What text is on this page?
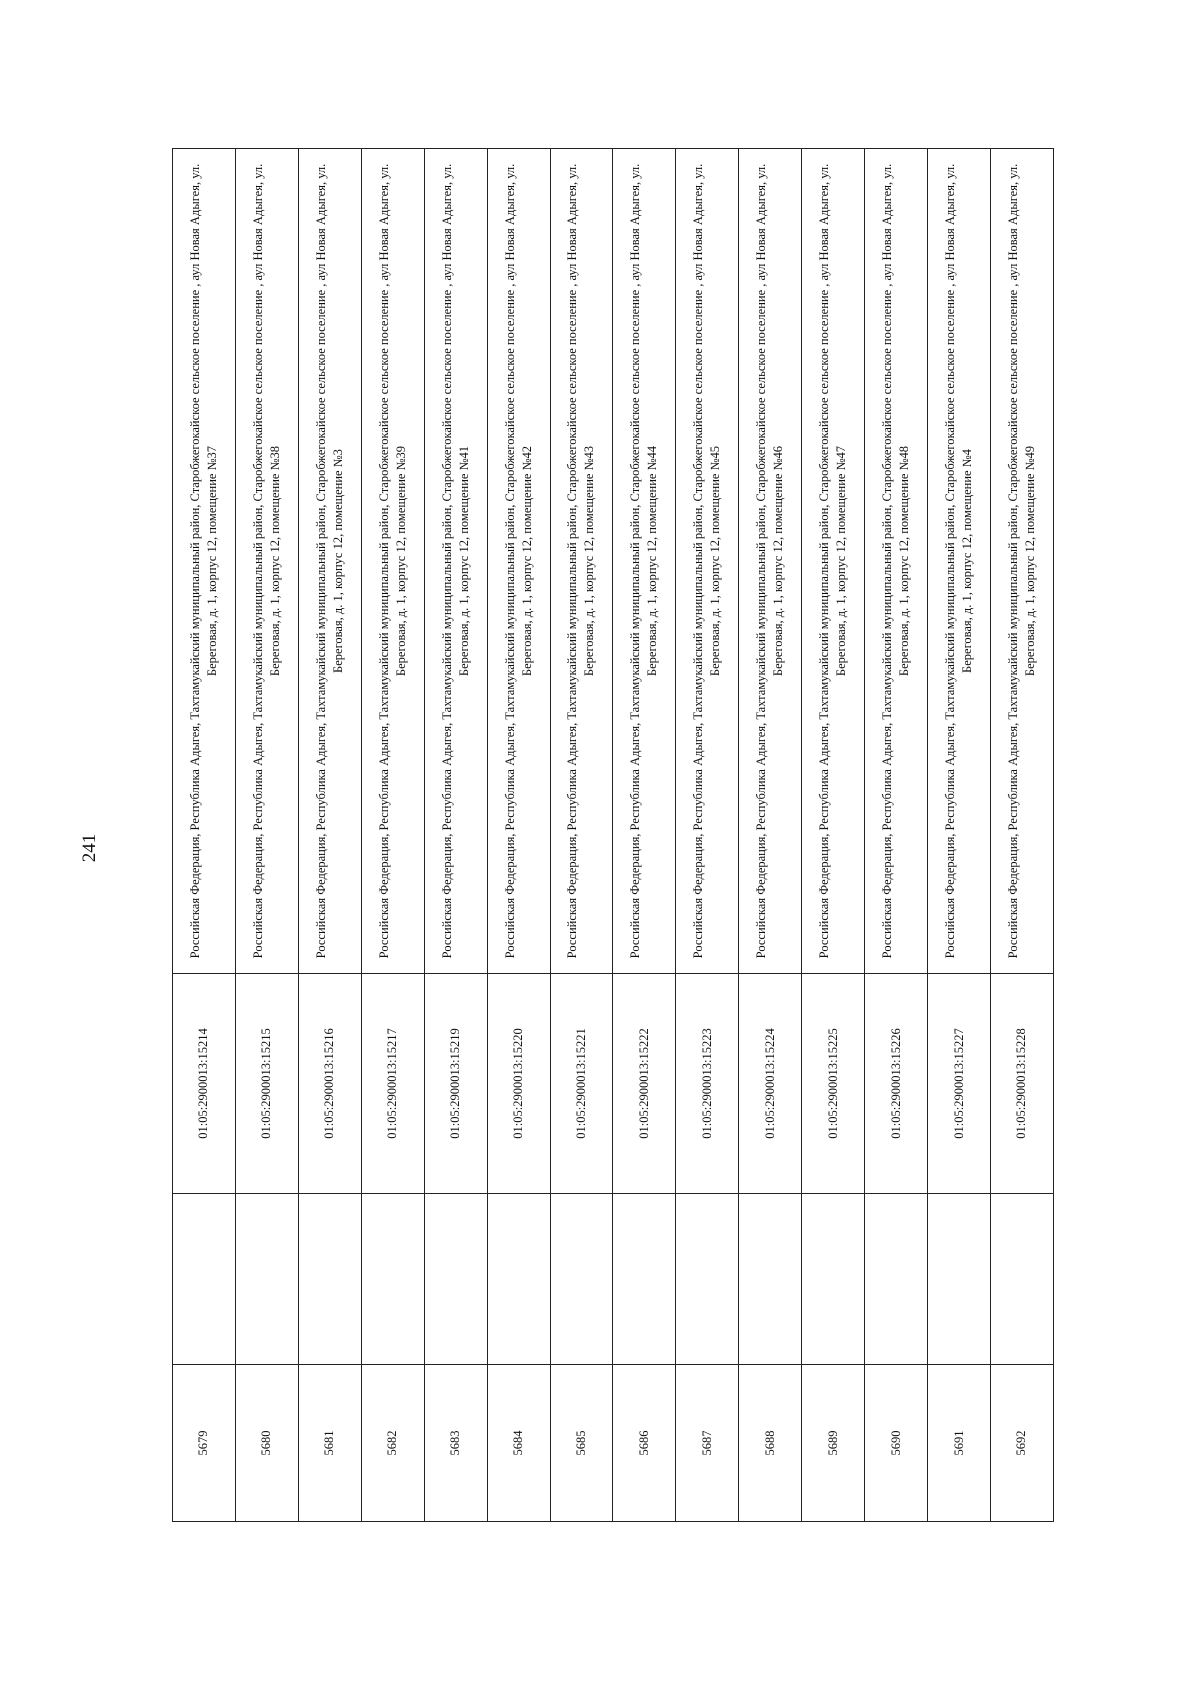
241
5679		01:05:2900013:15214	Российская Федерация, Республика Адыгея, Тахтамукайский муниципальный район, Старобжегокайское сельское поселение , аул Новая Адыгея, ул. Береговая, д. 1, корпус 12, помещение №37
5680		01:05:2900013:15215	Российская Федерация, Республика Адыгея, Тахтамукайский муниципальный район, Старобжегокайское сельское поселение , аул Новая Адыгея, ул. Береговая, д. 1, корпус 12, помещение №38
5681		01:05:2900013:15216	Российская Федерация, Республика Адыгея, Тахтамукайский муниципальный район, Старобжегокайское сельское поселение , аул Новая Адыгея, ул. Береговая, д. 1, корпус 12, помещение №3
5682		01:05:2900013:15217	Российская Федерация, Республика Адыгея, Тахтамукайский муниципальный район, Старобжегокайское сельское поселение , аул Новая Адыгея, ул. Береговая, д. 1, корпус 12, помещение №39
5683		01:05:2900013:15219	Российская Федерация, Республика Адыгея, Тахтамукайский муниципальный район, Старобжегокайское сельское поселение , аул Новая Адыгея, ул. Береговая, д. 1, корпус 12, помещение №41
5684		01:05:2900013:15220	Российская Федерация, Республика Адыгея, Тахтамукайский муниципальный район, Старобжегокайское сельское поселение , аул Новая Адыгея, ул. Береговая, д. 1, корпус 12, помещение №42
5685		01:05:2900013:15221	Российская Федерация, Республика Адыгея, Тахтамукайский муниципальный район, Старобжегокайское сельское поселение , аул Новая Адыгея, ул. Береговая, д. 1, корпус 12, помещение №43
5686		01:05:2900013:15222	Российская Федерация, Республика Адыгея, Тахтамукайский муниципальный район, Старобжегокайское сельское поселение , аул Новая Адыгея, ул. Береговая, д. 1, корпус 12, помещение №44
5687		01:05:2900013:15223	Российская Федерация, Республика Адыгея, Тахтамукайский муниципальный район, Старобжегокайское сельское поселение , аул Новая Адыгея, ул. Береговая, д. 1, корпус 12, помещение №45
5688		01:05:2900013:15224	Российская Федерация, Республика Адыгея, Тахтамукайский муниципальный район, Старобжегокайское сельское поселение , аул Новая Адыгея, ул. Береговая, д. 1, корпус 12, помещение №46
5689		01:05:2900013:15225	Российская Федерация, Республика Адыгея, Тахтамукайский муниципальный район, Старобжегокайское сельское поселение , аул Новая Адыгея, ул. Береговая, д. 1, корпус 12, помещение №47
5690		01:05:2900013:15226	Российская Федерация, Республика Адыгея, Тахтамукайский муниципальный район, Старобжегокайское сельское поселение , аул Новая Адыгея, ул. Береговая, д. 1, корпус 12, помещение №48
5691		01:05:2900013:15227	Российская Федерация, Республика Адыгея, Тахтамукайский муниципальный район, Старобжегокайское сельское поселение , аул Новая Адыгея, ул. Береговая, д. 1, корпус 12, помещение №4
5692		01:05:2900013:15228	Российская Федерация, Республика Адыгея, Тахтамукайский муниципальный район, Старобжегокайское сельское поселение , аул Новая Адыгея, ул. Береговая, д. 1, корпус 12, помещение №49
